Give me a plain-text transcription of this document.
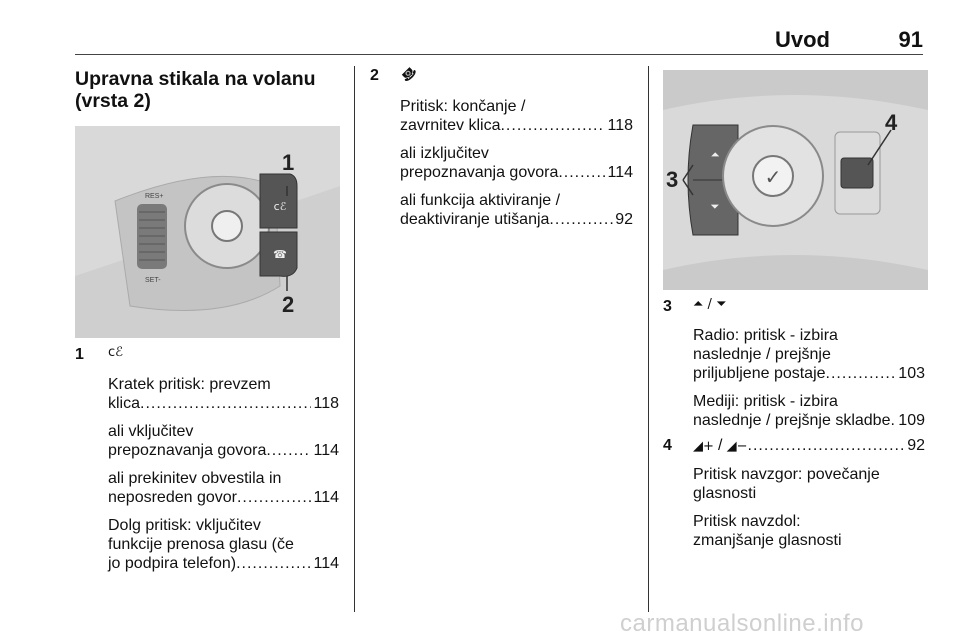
Uvod	91
Upravna stikala na volanu (vrsta 2)
RES+
SET-
ⅽℰ
☎
1
2
⏶
⏷
✓
3
4
1 ⅽℰ
Kratek pritisk: prevzem
klica .....	118
ali vključitev
prepoznavanja govora .....	114
ali prekinitev obvestila in
neposreden govor .....	114
Dolg pritisk: vključitev
funkcije prenosa glasu (če
jo podpira telefon) .....	114
2 ☎
Pritisk: končanje /
zavrnitev klica .....	118
ali izključitev
prepoznavanja govora .....	114
ali funkcija aktiviranje /
deaktiviranje utišanja .....	92
3 ⏶ / ⏷
Radio: pritisk - izbira
naslednje / prejšnje
priljubljene postaje .....	103
Mediji: pritisk - izbira
naslednje / prejšnje skladbe ..... 109
4 ◢+ / ◢− .....	92
Pritisk navzgor: povečanje
glasnosti
Pritisk navzdol:
zmanjšanje glasnosti
carmanualsonline.info
